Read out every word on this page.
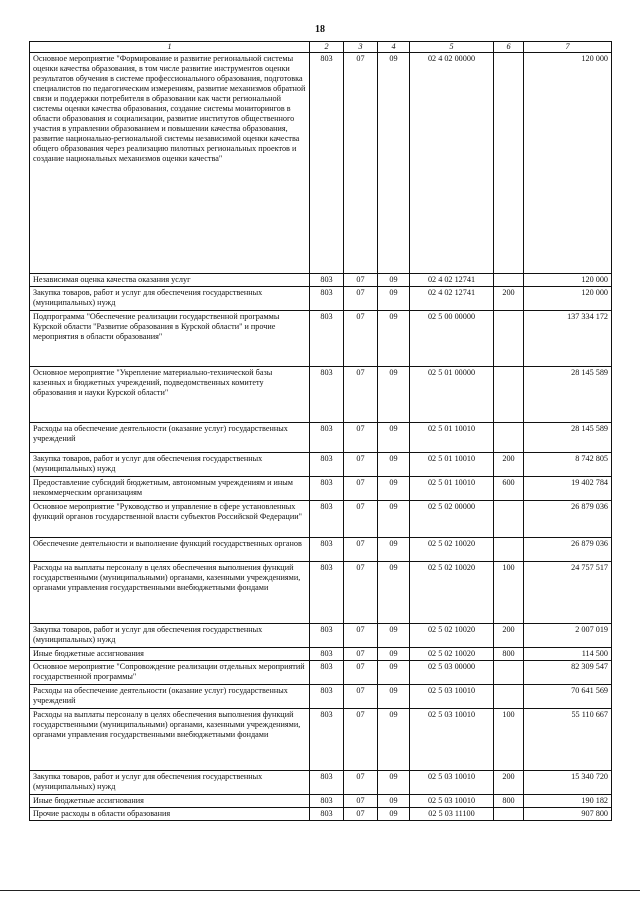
18
1	2	3	4	5	6	7
Основное мероприятие "Формирование и развитие региональной системы оценки качества образования, в том числе развитие инструментов оценки результатов обучения в системе профессионального образования, подготовка специалистов по педагогическим измерениям, развитие механизмов обратной связи и поддержки потребителя в образовании как части региональной системы оценки качества образования, создание системы мониторингов в области образования и социализации, развитие институтов общественного участия в управлении образованием и повышении качества образования, развитие национально-региональной системы независимой оценки качества общего образования через реализацию пилотных региональных проектов и создание национальных механизмов оценки качества"	803	07	09	02 4 02 00000		120 000
Независимая оценка качества оказания услуг	803	07	09	02 4 02 12741		120 000
Закупка товаров, работ и услуг для обеспечения государственных (муниципальных) нужд	803	07	09	02 4 02 12741	200	120 000
Подпрограмма "Обеспечение реализации государственной программы Курской области "Развитие образования в Курской области" и прочие мероприятия в области образования"	803	07	09	02 5 00 00000		137 334 172
Основное мероприятие "Укрепление материально-технической базы казенных и бюджетных учреждений, подведомственных комитету образования и науки Курской области"	803	07	09	02 5 01 00000		28 145 589
Расходы на обеспечение деятельности (оказание услуг) государственных учреждений	803	07	09	02 5 01 10010		28 145 589
Закупка товаров, работ и услуг для обеспечения государственных (муниципальных) нужд	803	07	09	02 5 01 10010	200	8 742 805
Предоставление субсидий бюджетным, автономным учреждениям и иным некоммерческим организациям	803	07	09	02 5 01 10010	600	19 402 784
Основное мероприятие "Руководство и управление в сфере установленных функций органов государственной власти субъектов Российской Федерации"	803	07	09	02 5 02 00000		26 879 036
Обеспечение деятельности и выполнение функций государственных органов	803	07	09	02 5 02 10020		26 879 036
Расходы на выплаты персоналу в целях обеспечения выполнения функций государственными (муниципальными) органами, казенными учреждениями, органами управления государственными внебюджетными фондами	803	07	09	02 5 02 10020	100	24 757 517
Закупка товаров, работ и услуг для обеспечения государственных (муниципальных) нужд	803	07	09	02 5 02 10020	200	2 007 019
Иные бюджетные ассигнования	803	07	09	02 5 02 10020	800	114 500
Основное мероприятие "Сопровождение реализации отдельных мероприятий государственной программы"	803	07	09	02 5 03 00000		82 309 547
Расходы на обеспечение деятельности (оказание услуг) государственных учреждений	803	07	09	02 5 03 10010		70 641 569
Расходы на выплаты персоналу в целях обеспечения выполнения функций государственными (муниципальными) органами, казенными учреждениями, органами управления государственными внебюджетными фондами	803	07	09	02 5 03 10010	100	55 110 667
Закупка товаров, работ и услуг для обеспечения государственных (муниципальных) нужд	803	07	09	02 5 03 10010	200	15 340 720
Иные бюджетные ассигнования	803	07	09	02 5 03 10010	800	190 182
Прочие расходы в области образования	803	07	09	02 5 03 11100		907 800
